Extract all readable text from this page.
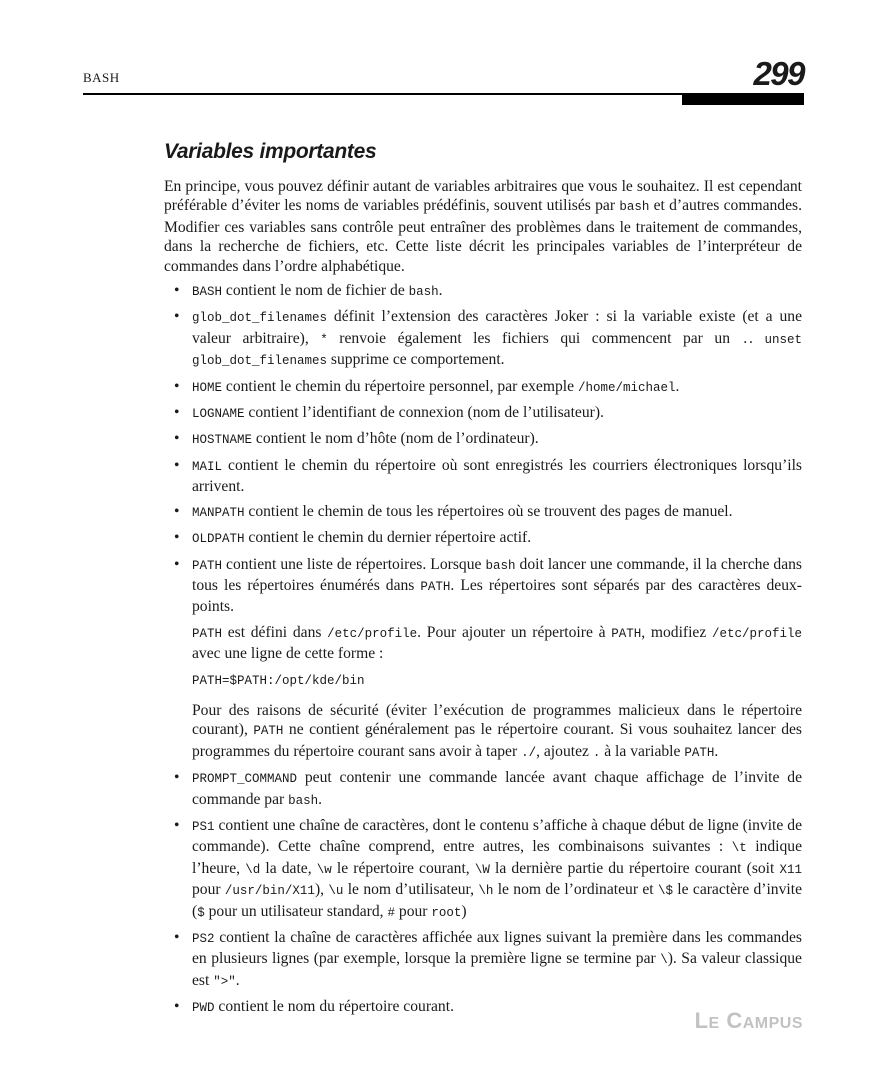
BASH	299
Variables importantes

En principe, vous pouvez définir autant de variables arbitraires que vous le souhaitez. Il est cependant préférable d’éviter les noms de variables prédéfinis, souvent utilisés par bash et d’autres commandes. Modifier ces variables sans contrôle peut entraîner des problèmes dans le traitement de commandes, dans la recherche de fichiers, etc. Cette liste décrit les principales variables de l’interpréteur de commandes dans l’ordre alphabétique.

• BASH contient le nom de fichier de bash.
• glob_dot_filenames définit l’extension des caractères Joker : si la variable existe (et a une valeur arbitraire), * renvoie également les fichiers qui commencent par un .. unset glob_dot_filenames supprime ce comportement.
• HOME contient le chemin du répertoire personnel, par exemple /home/michael.
• LOGNAME contient l’identifiant de connexion (nom de l’utilisateur).
• HOSTNAME contient le nom d’hôte (nom de l’ordinateur).
• MAIL contient le chemin du répertoire où sont enregistrés les courriers électroniques lorsqu’ils arrivent.
• MANPATH contient le chemin de tous les répertoires où se trouvent des pages de manuel.
• OLDPATH contient le chemin du dernier répertoire actif.
• PATH contient une liste de répertoires. Lorsque bash doit lancer une commande, il la cherche dans tous les répertoires énumérés dans PATH. Les répertoires sont séparés par des caractères deux-points.

PATH est défini dans /etc/profile. Pour ajouter un répertoire à PATH, modifiez /etc/profile avec une ligne de cette forme :

PATH=$PATH:/opt/kde/bin

Pour des raisons de sécurité (éviter l’exécution de programmes malicieux dans le répertoire courant), PATH ne contient généralement pas le répertoire courant. Si vous souhaitez lancer des programmes du répertoire courant sans avoir à taper ./, ajoutez . à la variable PATH.

• PROMPT_COMMAND peut contenir une commande lancée avant chaque affichage de l’invite de commande par bash.
• PS1 contient une chaîne de caractères, dont le contenu s’affiche à chaque début de ligne (invite de commande). Cette chaîne comprend, entre autres, les combinaisons suivantes : \t indique l’heure, \d la date, \w le répertoire courant, \W la dernière partie du répertoire courant (soit X11 pour /usr/bin/X11), \u le nom d’utilisateur, \h le nom de l’ordinateur et \$ le caractère d’invite ($ pour un utilisateur standard, # pour root)
• PS2 contient la chaîne de caractères affichée aux lignes suivant la première dans les commandes en plusieurs lignes (par exemple, lorsque la première ligne se termine par \). Sa valeur classique est ">".
• PWD contient le nom du répertoire courant.
LE CAMPUS
